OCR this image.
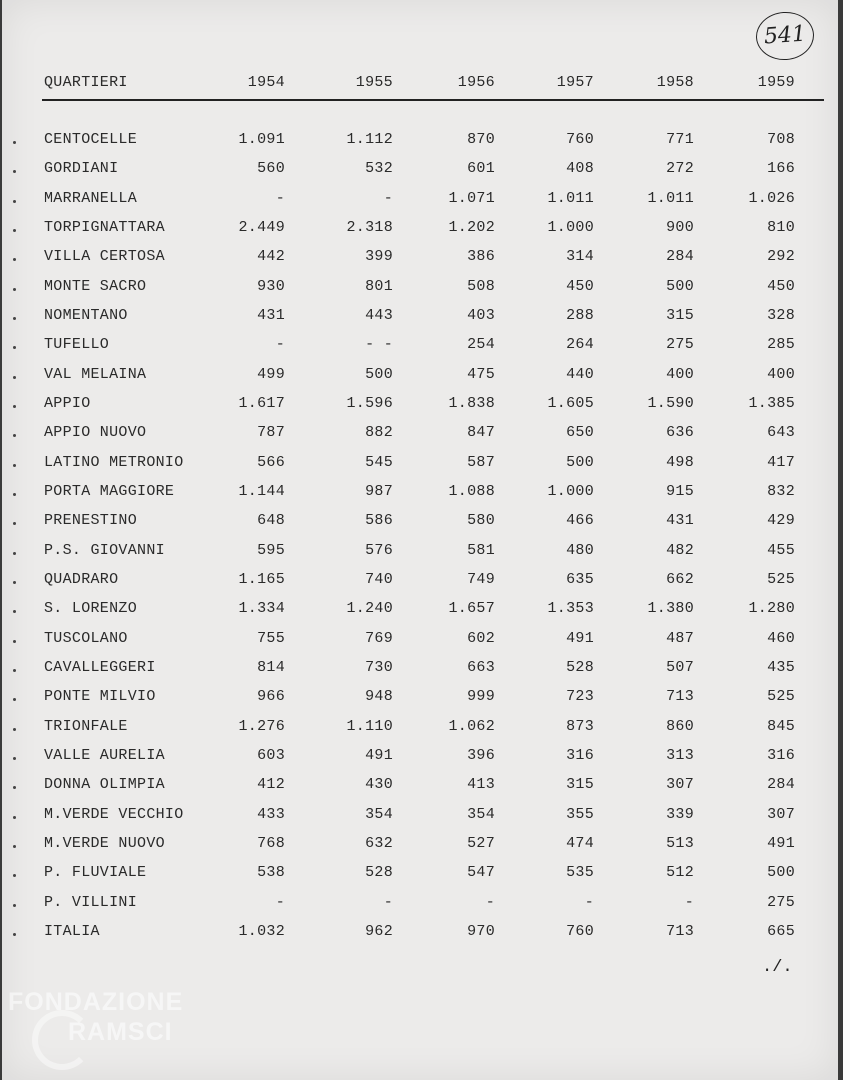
541
QUARTIERI	1954	1955	1956	1957	1958	1959
CENTOCELLE	1.091	1.112	870	760	771	708
GORDIANI	560	532	601	408	272	166
MARRANELLA	-	-	1.071	1.011	1.011	1.026
TORPIGNATTARA	2.449	2.318	1.202	1.000	900	810
VILLA CERTOSA	442	399	386	314	284	292
MONTE SACRO	930	801	508	450	500	450
NOMENTANO	431	443	403	288	315	328
TUFELLO	-	- -	254	264	275	285
VAL MELAINA	499	500	475	440	400	400
APPIO	1.617	1.596	1.838	1.605	1.590	1.385
APPIO NUOVO	787	882	847	650	636	643
LATINO METRONIO	566	545	587	500	498	417
PORTA MAGGIORE	1.144	987	1.088	1.000	915	832
PRENESTINO	648	586	580	466	431	429
P.S. GIOVANNI	595	576	581	480	482	455
QUADRARO	1.165	740	749	635	662	525
S. LORENZO	1.334	1.240	1.657	1.353	1.380	1.280
TUSCOLANO	755	769	602	491	487	460
CAVALLEGGERI	814	730	663	528	507	435
PONTE MILVIO	966	948	999	723	713	525
TRIONFALE	1.276	1.110	1.062	873	860	845
VALLE AURELIA	603	491	396	316	313	316
DONNA OLIMPIA	412	430	413	315	307	284
M.VERDE VECCHIO	433	354	354	355	339	307
M.VERDE NUOVO	768	632	527	474	513	491
P. FLUVIALE	538	528	547	535	512	500
P. VILLINI	-	-	-	-	-	275
ITALIA	1.032	962	970	760	713	665
./.
FONDAZIONE
RAMSCI
